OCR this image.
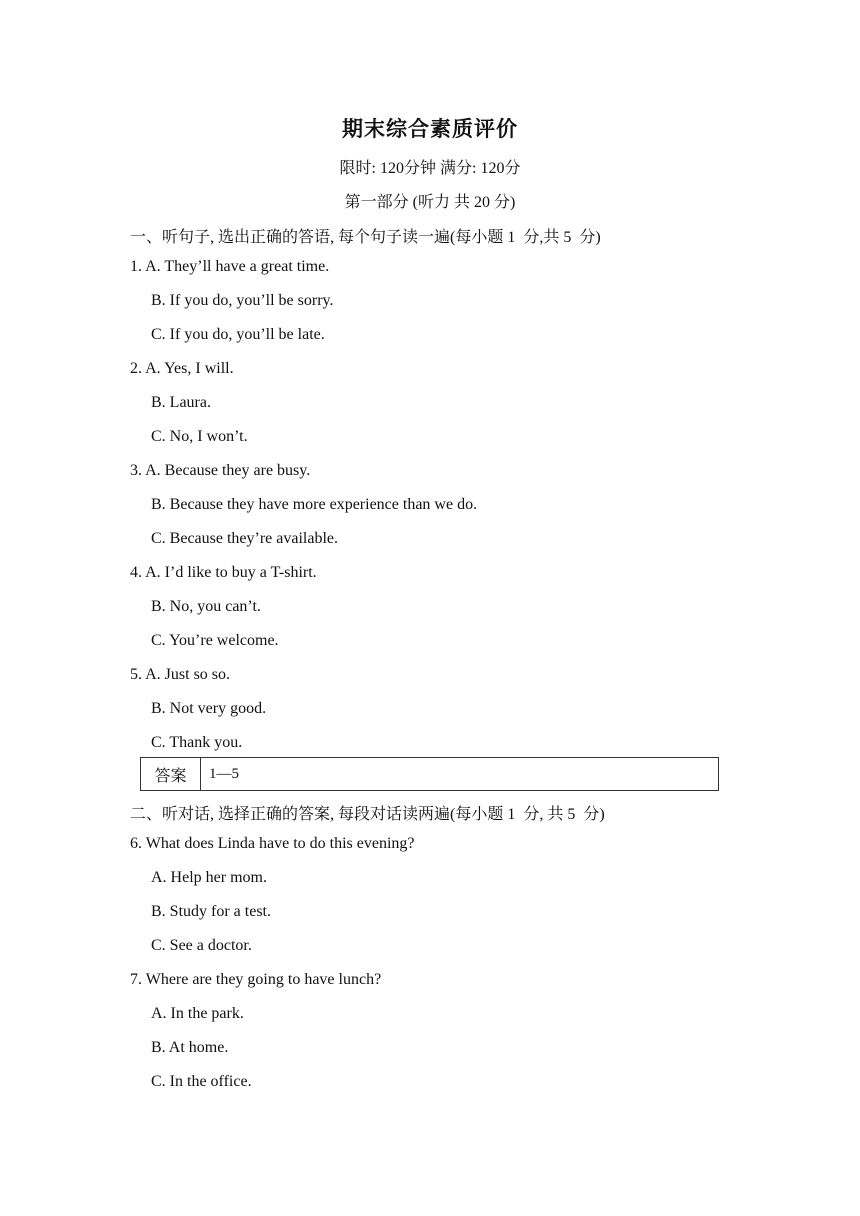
期末综合素质评价
限时: 120分钟 满分: 120分
第一部分 (听力 共 20 分)
一、听句子, 选出正确的答语, 每个句子读一遍(每小题 1  分,共 5  分)
1. A. They’ll have a great time.
B. If you do, you’ll be sorry.
C. If you do, you’ll be late.
2. A. Yes, I will.
B. Laura.
C. No, I won’t.
3. A. Because they are busy.
B. Because they have more experience than we do.
C. Because they’re available.
4. A. I’d like to buy a T-shirt.
B. No, you can’t.
C. You’re welcome.
5. A. Just so so.
B. Not very good.
C. Thank you.
答案	1—5
二、听对话, 选择正确的答案, 每段对话读两遍(每小题 1  分, 共 5  分)
6. What does Linda have to do this evening?
A. Help her mom.
B. Study for a test.
C. See a doctor.
7. Where are they going to have lunch?
A. In the park.
B. At home.
C. In the office.
